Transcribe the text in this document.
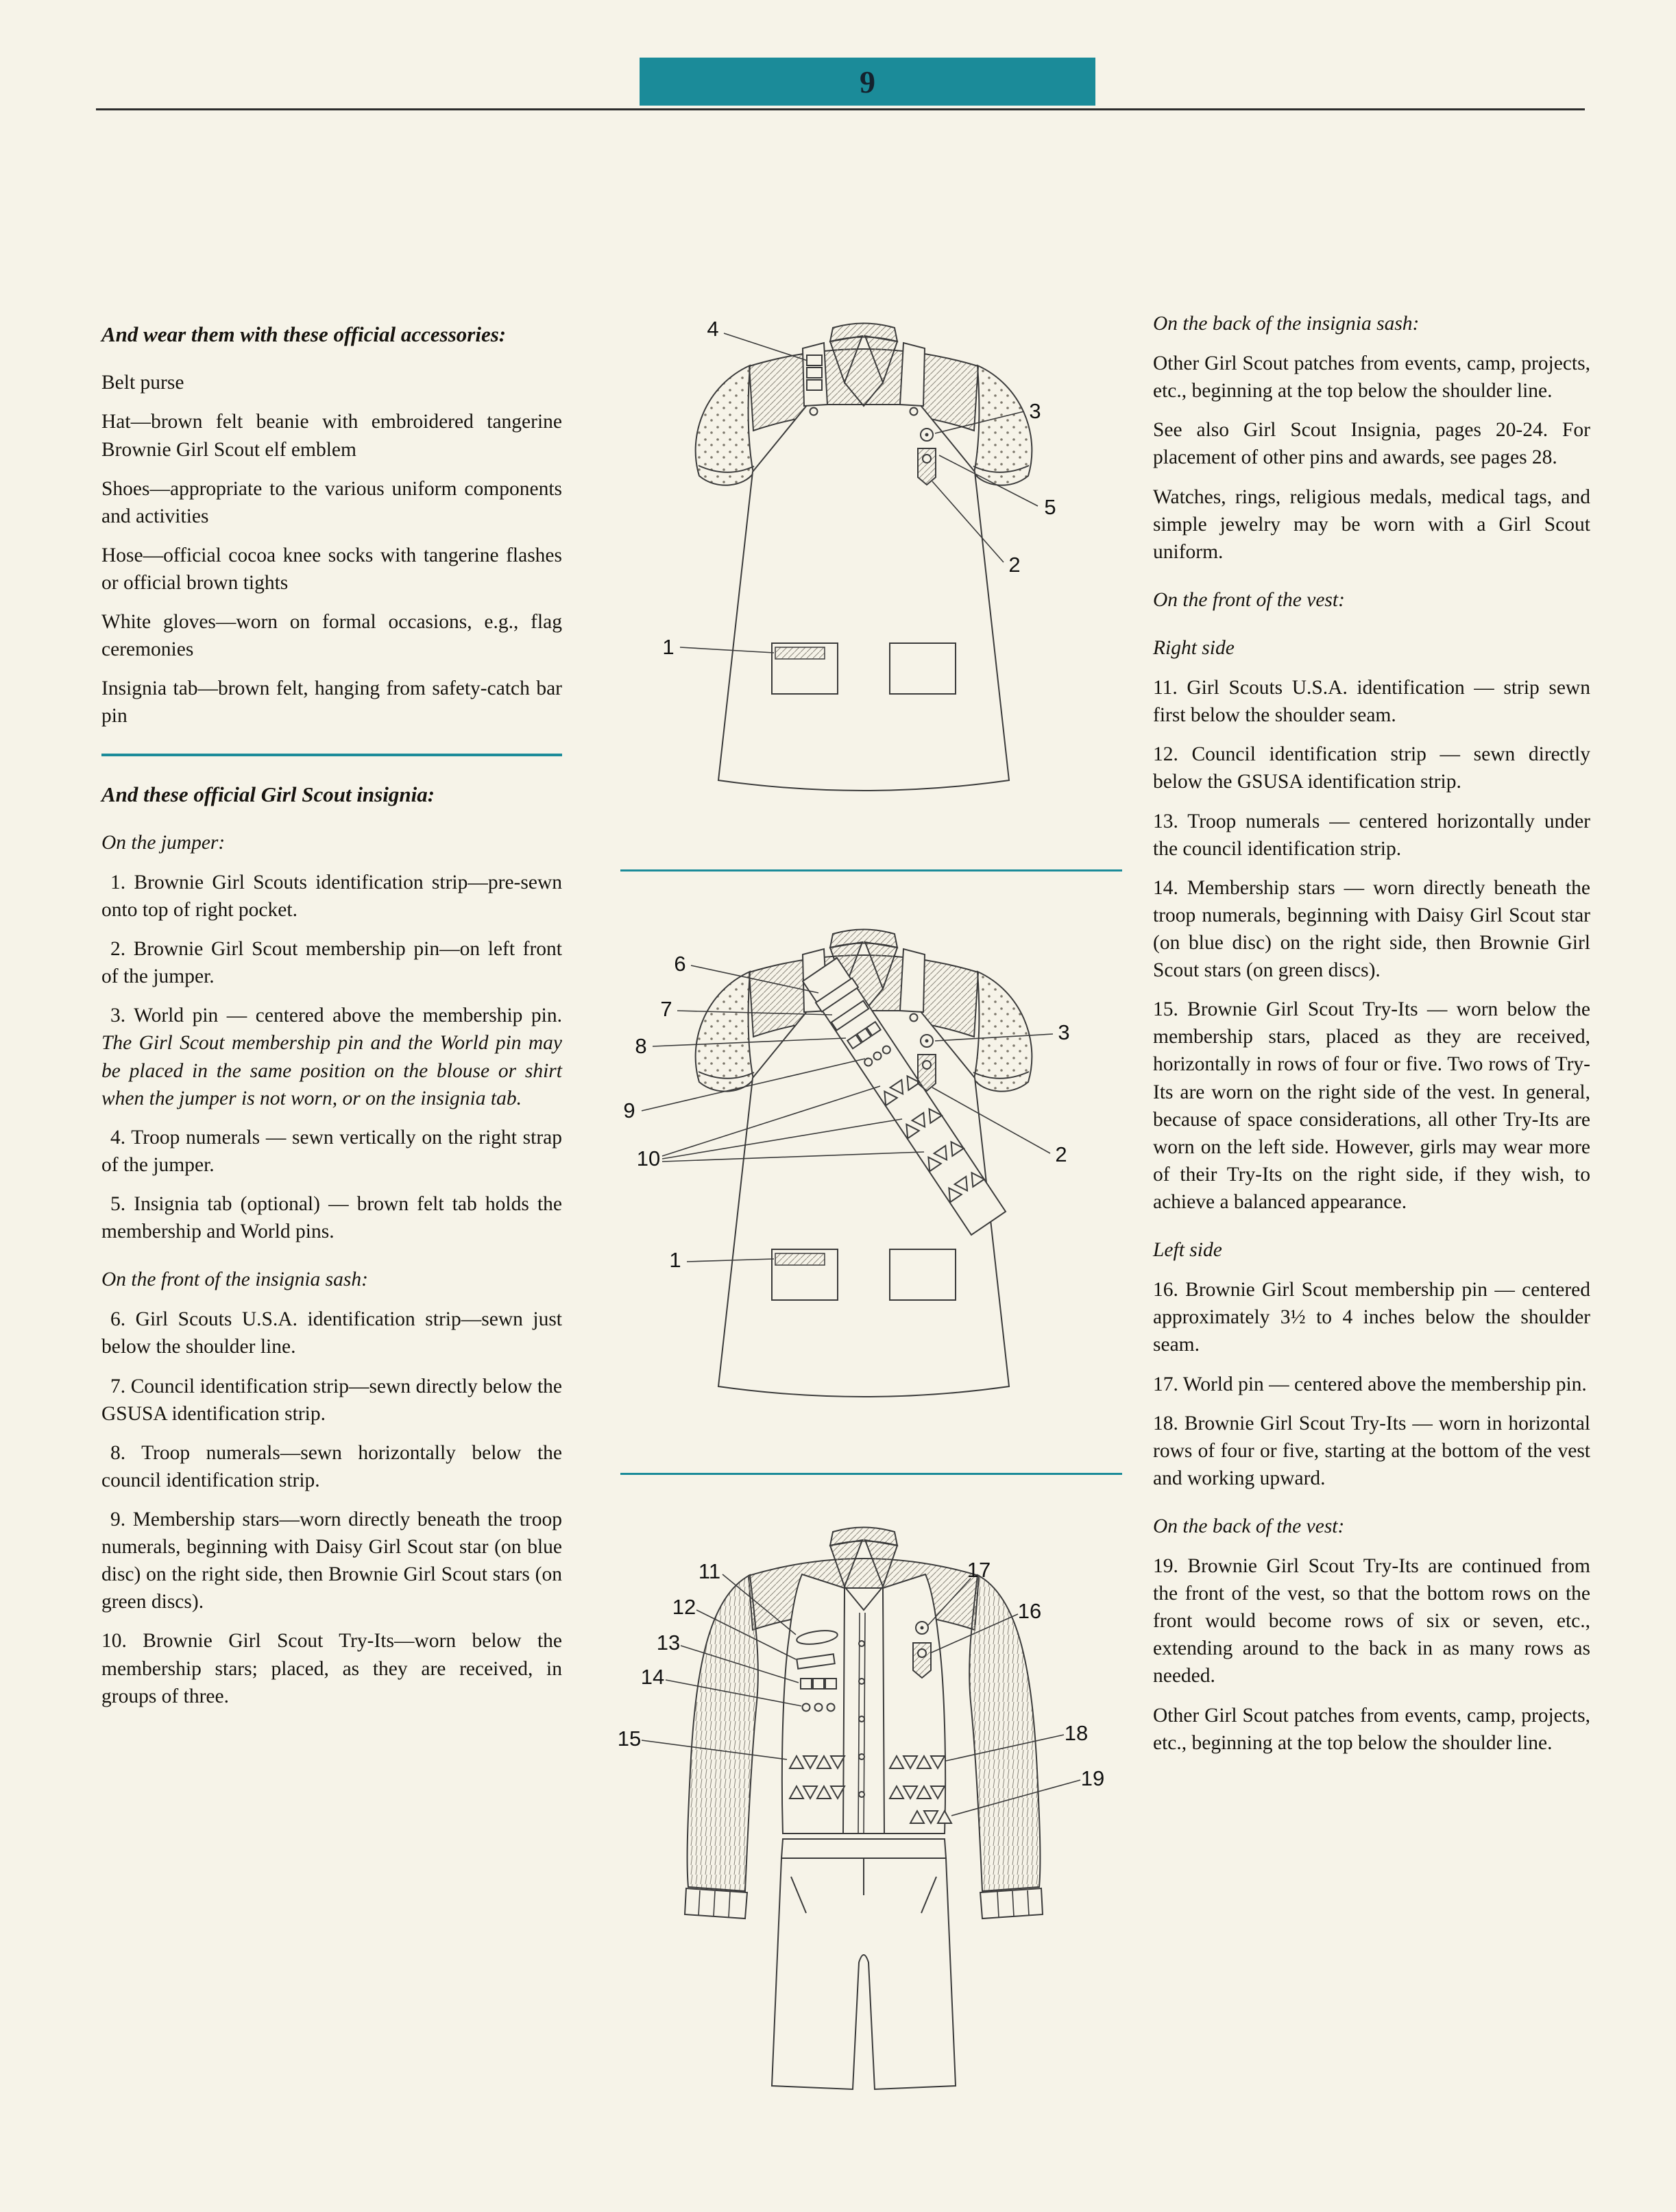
9
And wear them with these official accessories:

Belt purse

Hat—brown felt beanie with embroidered tangerine Brownie Girl Scout elf emblem

Shoes—appropriate to the various uniform components and activities

Hose—official cocoa knee socks with tangerine flashes or official brown tights

White gloves—worn on formal occasions, e.g., flag ceremonies

Insignia tab—brown felt, hanging from safety-catch bar pin

And these official Girl Scout insignia:

On the jumper:

1. Brownie Girl Scouts identification strip—pre-sewn onto top of right pocket.

2. Brownie Girl Scout membership pin—on left front of the jumper.

3. World pin — centered above the membership pin. The Girl Scout membership pin and the World pin may be placed in the same position on the blouse or shirt when the jumper is not worn, or on the insignia tab.

4. Troop numerals — sewn vertically on the right strap of the jumper.

5. Insignia tab (optional) — brown felt tab holds the membership and World pins.

On the front of the insignia sash:

6. Girl Scouts U.S.A. identification strip—sewn just below the shoulder line.

7. Council identification strip—sewn directly below the GSUSA identification strip.

8. Troop numerals—sewn horizontally below the council identification strip.

9. Membership stars—worn directly beneath the troop numerals, beginning with Daisy Girl Scout star (on blue disc) on the right side, then Brownie Girl Scout stars (on green discs).

10. Brownie Girl Scout Try-Its—worn below the membership stars; placed, as they are received, in groups of three.

On the back of the insignia sash:

Other Girl Scout patches from events, camp, projects, etc., beginning at the top below the shoulder line.

See also Girl Scout Insignia, pages 20-24. For placement of other pins and awards, see pages 28.

Watches, rings, religious medals, medical tags, and simple jewelry may be worn with a Girl Scout uniform.

On the front of the vest:

Right side

11. Girl Scouts U.S.A. identification — strip sewn first below the shoulder seam.

12. Council identification strip — sewn directly below the GSUSA identification strip.

13. Troop numerals — centered horizontally under the council identification strip.

14. Membership stars — worn directly beneath the troop numerals, beginning with Daisy Girl Scout star (on blue disc) on the right side, then Brownie Girl Scout stars (on green discs).

15. Brownie Girl Scout Try-Its — worn below the membership stars, placed as they are received, horizontally in rows of four or five. Two rows of Try-Its are worn on the right side of the vest. In general, because of space considerations, all other Try-Its are worn on the left side. However, girls may wear more of their Try-Its on the right side, if they wish, to achieve a balanced appearance.

Left side

16. Brownie Girl Scout membership pin — centered approximately 3½ to 4 inches below the shoulder seam.

17. World pin — centered above the membership pin.

18. Brownie Girl Scout Try-Its — worn in horizontal rows of four or five, starting at the bottom of the vest and working upward.

On the back of the vest:

19. Brownie Girl Scout Try-Its are continued from the front of the vest, so that the bottom rows on the front would become rows of six or seven, etc., extending around to the back in as many rows as needed.

Other Girl Scout patches from events, camp, projects, etc., beginning at the top below the shoulder line.

4
3
5
2
1
6
7
8
9
10
3
2
1
11
12
13
14
15
17
16
18
19
